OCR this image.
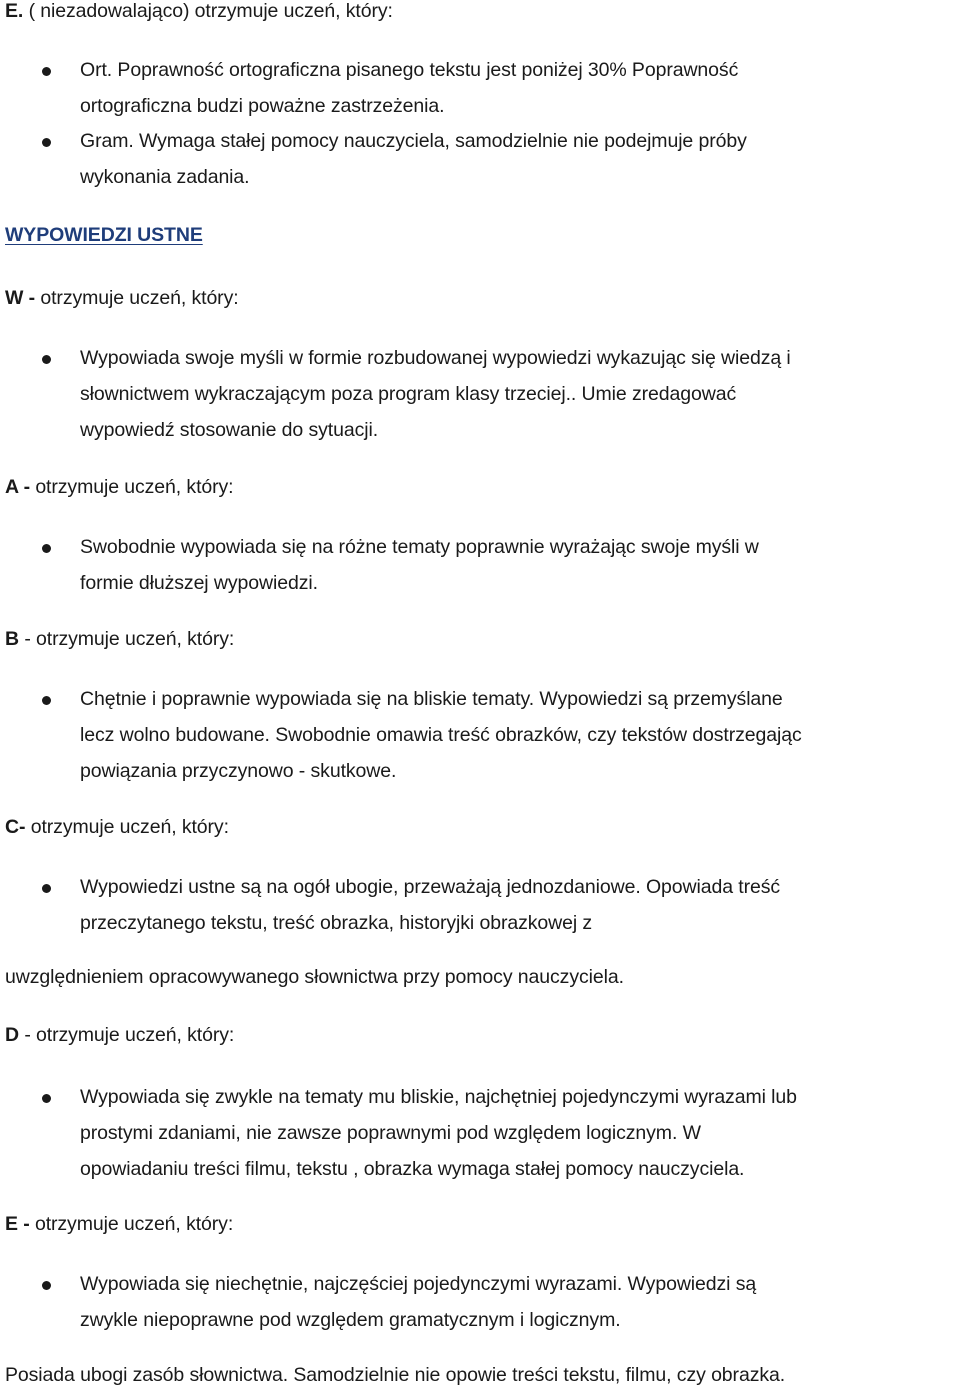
E. ( niezadowalająco) otrzymuje uczeń, który:
Ort. Poprawność ortograficzna pisanego tekstu jest poniżej 30% Poprawność
ortograficzna budzi poważne zastrzeżenia.
Gram. Wymaga stałej pomocy nauczyciela, samodzielnie nie podejmuje próby
wykonania zadania.
WYPOWIEDZI USTNE
W - otrzymuje uczeń, który:
Wypowiada swoje myśli w formie rozbudowanej wypowiedzi wykazując się wiedzą i
słownictwem wykraczającym poza program klasy trzeciej.. Umie zredagować
wypowiedź stosowanie do sytuacji.
A - otrzymuje uczeń, który:
Swobodnie wypowiada się na różne tematy poprawnie wyrażając swoje myśli w
formie dłuższej wypowiedzi.
B - otrzymuje uczeń, który:
Chętnie i poprawnie wypowiada się na bliskie tematy. Wypowiedzi są przemyślane
lecz wolno budowane. Swobodnie omawia treść obrazków, czy tekstów dostrzegając
powiązania przyczynowo - skutkowe.
C- otrzymuje uczeń, który:
Wypowiedzi ustne są na ogół ubogie, przeważają jednozdaniowe. Opowiada treść
przeczytanego tekstu, treść obrazka, historyjki obrazkowej z
uwzględnieniem opracowywanego słownictwa przy pomocy nauczyciela.
D - otrzymuje uczeń, który:
Wypowiada się zwykle na tematy mu bliskie, najchętniej pojedynczymi wyrazami lub
prostymi zdaniami, nie zawsze poprawnymi pod względem logicznym. W
opowiadaniu treści filmu, tekstu , obrazka wymaga stałej pomocy nauczyciela.
E - otrzymuje uczeń, który:
Wypowiada się niechętnie, najczęściej pojedynczymi wyrazami. Wypowiedzi są
zwykle niepoprawne pod względem gramatycznym i logicznym.
Posiada ubogi zasób słownictwa. Samodzielnie nie opowie treści tekstu, filmu, czy obrazka.
